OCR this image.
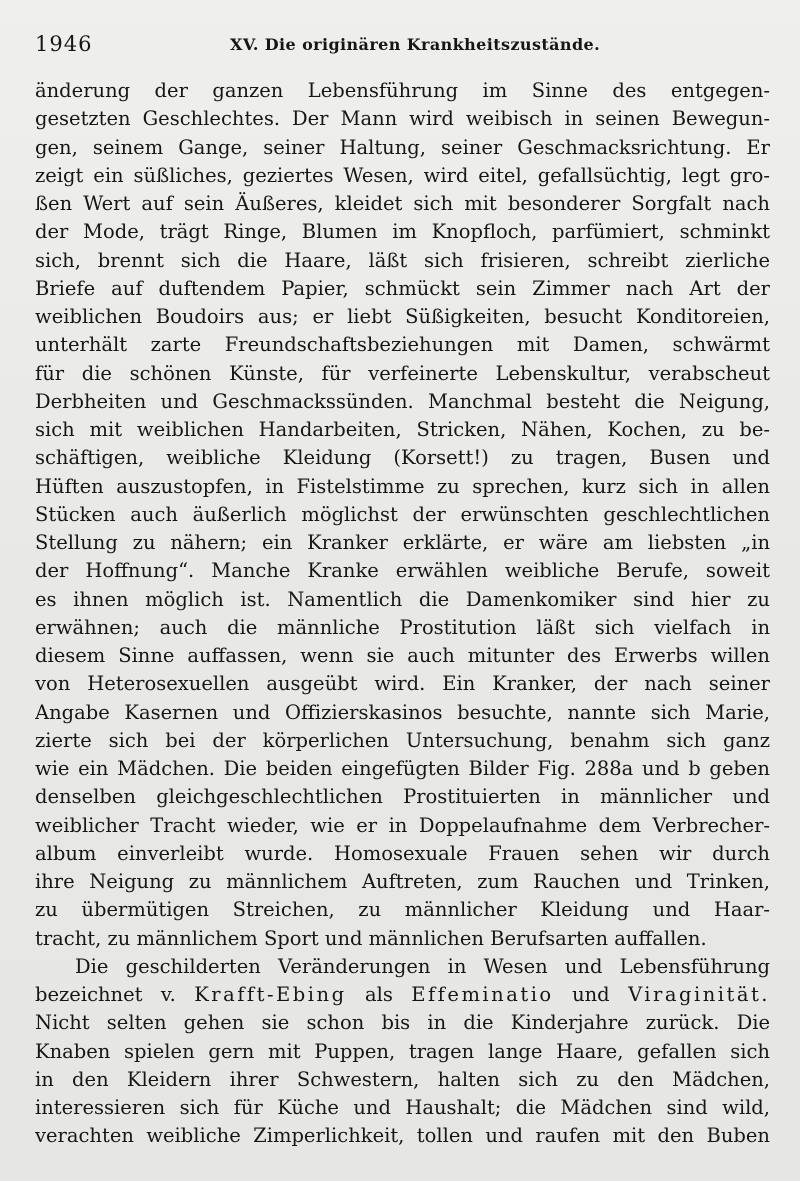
1946	XV. Die originären Krankheitszustände.
änderung der ganzen Lebensführung im Sinne des entgegen-
gesetzten Geschlechtes. Der Mann wird weibisch in seinen Bewegun-
gen, seinem Gange, seiner Haltung, seiner Geschmacksrichtung. Er
zeigt ein süßliches, geziertes Wesen, wird eitel, gefallsüchtig, legt gro-
ßen Wert auf sein Äußeres, kleidet sich mit besonderer Sorgfalt nach
der Mode, trägt Ringe, Blumen im Knopfloch, parfümiert, schminkt
sich, brennt sich die Haare, läßt sich frisieren, schreibt zierliche
Briefe auf duftendem Papier, schmückt sein Zimmer nach Art der
weiblichen Boudoirs aus; er liebt Süßigkeiten, besucht Konditoreien,
unterhält zarte Freundschaftsbeziehungen mit Damen, schwärmt
für die schönen Künste, für verfeinerte Lebenskultur, verabscheut
Derbheiten und Geschmackssünden. Manchmal besteht die Neigung,
sich mit weiblichen Handarbeiten, Stricken, Nähen, Kochen, zu be-
schäftigen, weibliche Kleidung (Korsett!) zu tragen, Busen und
Hüften auszustopfen, in Fistelstimme zu sprechen, kurz sich in allen
Stücken auch äußerlich möglichst der erwünschten geschlechtlichen
Stellung zu nähern; ein Kranker erklärte, er wäre am liebsten „in
der Hoffnung“. Manche Kranke erwählen weibliche Berufe, soweit
es ihnen möglich ist. Namentlich die Damenkomiker sind hier zu
erwähnen; auch die männliche Prostitution läßt sich vielfach in
diesem Sinne auffassen, wenn sie auch mitunter des Erwerbs willen
von Heterosexuellen ausgeübt wird. Ein Kranker, der nach seiner
Angabe Kasernen und Offizierskasinos besuchte, nannte sich Marie,
zierte sich bei der körperlichen Untersuchung, benahm sich ganz
wie ein Mädchen. Die beiden eingefügten Bilder Fig. 288a und b geben
denselben gleichgeschlechtlichen Prostituierten in männlicher und
weiblicher Tracht wieder, wie er in Doppelaufnahme dem Verbrecher-
album einverleibt wurde. Homosexuale Frauen sehen wir durch
ihre Neigung zu männlichem Auftreten, zum Rauchen und Trinken,
zu übermütigen Streichen, zu männlicher Kleidung und Haar-
tracht, zu männlichem Sport und männlichen Berufsarten auffallen.
Die geschilderten Veränderungen in Wesen und Lebensführung
bezeichnet v. Krafft-Ebing als Effeminatio und Viraginität.
Nicht selten gehen sie schon bis in die Kinderjahre zurück. Die
Knaben spielen gern mit Puppen, tragen lange Haare, gefallen sich
in den Kleidern ihrer Schwestern, halten sich zu den Mädchen,
interessieren sich für Küche und Haushalt; die Mädchen sind wild,
verachten weibliche Zimperlichkeit, tollen und raufen mit den Buben
